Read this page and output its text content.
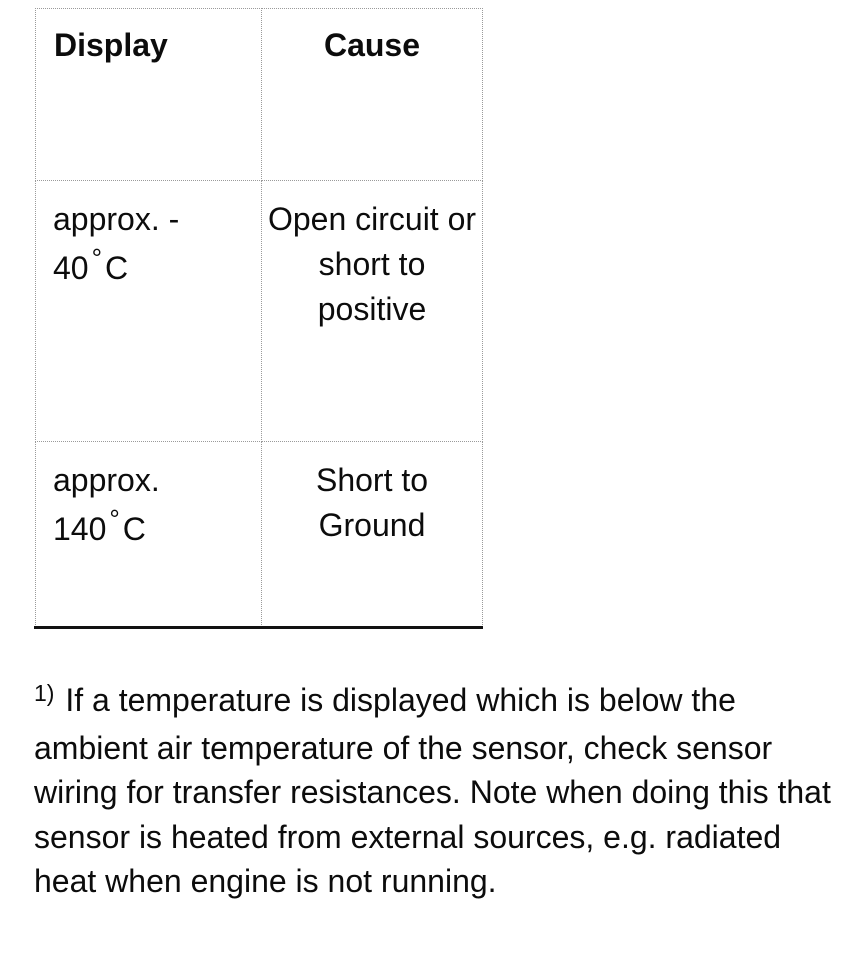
Display	Cause
approx. -
40 °C	Open circuit or short to positive
approx.
140 °C	Short to Ground

$^{1)}$ If a temperature is displayed which is below the ambient air temperature of the sensor, check sensor wiring for transfer resistances. Note when doing this that sensor is heated from external sources, e.g. radiated heat when engine is not running.
